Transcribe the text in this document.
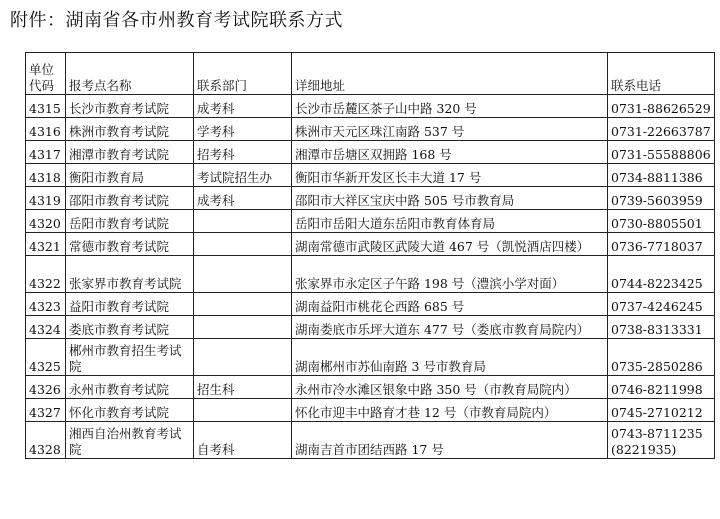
附件：湖南省各市州教育考试院联系方式
单位代码	报考点名称	联系部门	详细地址	联系电话
4315	长沙市教育考试院	成考科	长沙市岳麓区茶子山中路 320 号	0731-88626529
4316	株洲市教育考试院	学考科	株洲市天元区珠江南路 537 号	0731-22663787
4317	湘潭市教育考试院	招考科	湘潭市岳塘区双拥路 168 号	0731-55588806
4318	衡阳市教育局	考试院招生办	衡阳市华新开发区长丰大道 17 号	0734-8811386
4319	邵阳市教育考试院	成考科	邵阳市大祥区宝庆中路 505 号市教育局	0739-5603959
4320	岳阳市教育考试院		岳阳市岳阳大道东岳阳市教育体育局	0730-8805501
4321	常德市教育考试院		湖南常德市武陵区武陵大道 467 号（凯悦酒店四楼）	0736-7718037
4322	张家界市教育考试院		张家界市永定区子午路 198 号（澧滨小学对面）	0744-8223425
4323	益阳市教育考试院		湖南益阳市桃花仑西路 685 号	0737-4246245
4324	娄底市教育考试院		湖南娄底市乐坪大道东 477 号（娄底市教育局院内）	0738-8313331
4325	郴州市教育招生考试院		湖南郴州市苏仙南路 3 号市教育局	0735-2850286
4326	永州市教育考试院	招生科	永州市冷水滩区银象中路 350 号（市教育局院内）	0746-8211998
4327	怀化市教育考试院		怀化市迎丰中路育才巷 12 号（市教育局院内）	0745-2710212
4328	湘西自治州教育考试院	自考科	湖南吉首市团结西路 17 号	0743-8711235 (8221935)
